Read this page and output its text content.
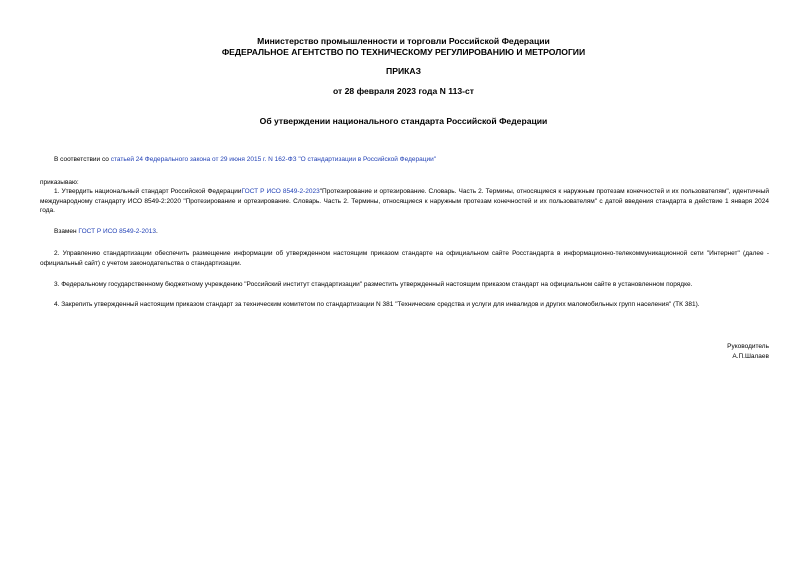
Министерство промышленности и торговли Российской Федерации
ФЕДЕРАЛЬНОЕ АГЕНТСТВО ПО ТЕХНИЧЕСКОМУ РЕГУЛИРОВАНИЮ И МЕТРОЛОГИИ
ПРИКАЗ
от 28 февраля 2023 года N 113-ст
Об утверждении национального стандарта Российской Федерации
В соответствии со статьей 24 Федерального закона от 29 июня 2015 г. N 162-ФЗ "О стандартизации в Российской Федерации"
приказываю:
1. Утвердить национальный стандарт Российской ФедерацииГОСТ Р ИСО 8549-2-2023"Протезирование и ортезирование. Словарь. Часть 2. Термины, относящиеся к наружным протезам конечностей и их пользователям", идентичный международному стандарту ИСО 8549-2:2020 "Протезирование и ортезирование. Словарь. Часть 2. Термины, относящиеся к наружным протезам конечностей и их пользователям" с датой введения стандарта в действие 1 января 2024 года.
Взамен ГОСТ Р ИСО 8549-2-2013.
2. Управлению стандартизации обеспечить размещение информации об утвержденном настоящим приказом стандарте на официальном сайте Росстандарта в информационно-телекоммуникационной сети "Интернет" (далее - официальный сайт) с учетом законодательства о стандартизации.
3. Федеральному государственному бюджетному учреждению "Российский институт стандартизации" разместить утвержденный настоящим приказом стандарт на официальном сайте в установленном порядке.
4. Закрепить утвержденный настоящим приказом стандарт за техническим комитетом по стандартизации N 381 "Технические средства и услуги для инвалидов и других маломобильных групп населения" (ТК 381).
Руководитель
А.П.Шалаев
